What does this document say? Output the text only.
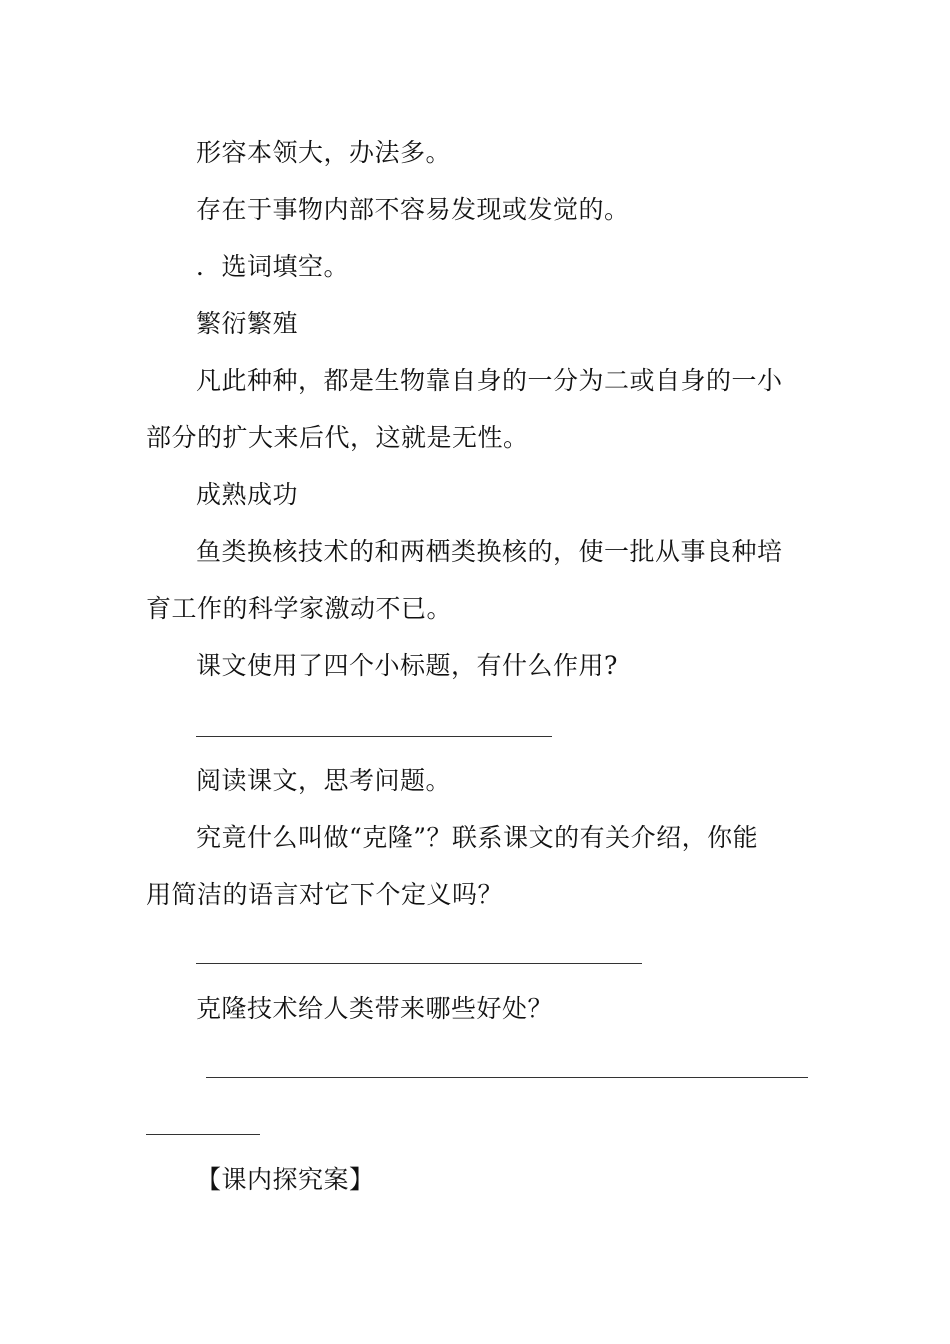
形容本领大，办法多。
存在于事物内部不容易发现或发觉的。
．选词填空。
繁衍繁殖
凡此种种，都是生物靠自身的一分为二或自身的一小
部分的扩大来后代，这就是无性。
成熟成功
鱼类换核技术的和两栖类换核的，使一批从事良种培
育工作的科学家激动不已。
课文使用了四个小标题，有什么作用?
阅读课文，思考问题。
究竟什么叫做“克隆”？联系课文的有关介绍，你能
用简洁的语言对它下个定义吗？
克隆技术给人类带来哪些好处？
【课内探究案】
